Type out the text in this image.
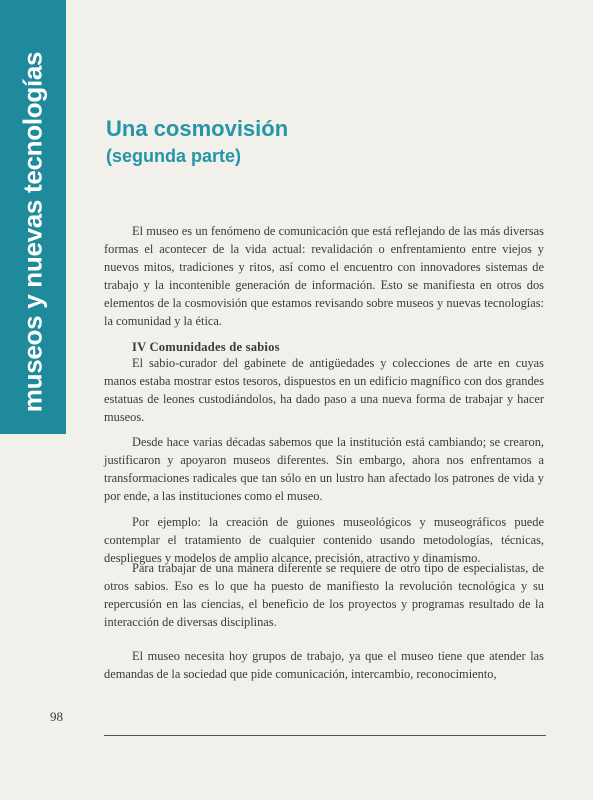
museos y nuevas tecnologías	Una cosmovisión
(segunda parte)

El museo es un fenómeno de comunicación que está reflejando de las más diversas formas el acontecer de la vida actual: revalidación o enfrentamiento entre viejos y nuevos mitos, tradiciones y ritos, así como el encuentro con innovadores sistemas de trabajo y la incontenible generación de información. Esto se manifiesta en otros dos elementos de la cosmovisión que estamos revisando sobre museos y nuevas tecnologías: la comunidad y la ética.

IV Comunidades de sabios

El sabio-curador del gabinete de antigüedades y colecciones de arte en cuyas manos estaba mostrar estos tesoros, dispuestos en un edificio magnífico con dos grandes estatuas de leones custodiándolos, ha dado paso a una nueva forma de trabajar y hacer museos.

Desde hace varias décadas sabemos que la institución está cambiando; se crearon, justificaron y apoyaron museos diferentes. Sin embargo, ahora nos enfrentamos a transformaciones radicales que tan sólo en un lustro han afectado los patrones de vida y por ende, a las instituciones como el museo.

Por ejemplo: la creación de guiones museológicos y museográficos puede contemplar el tratamiento de cualquier contenido usando metodologías, técnicas, despliegues y modelos de amplio alcance, precisión, atractivo y dinamismo.

Para trabajar de una manera diferente se requiere de otro tipo de especialistas, de otros sabios. Eso es lo que ha puesto de manifiesto la revolución tecnológica y su repercusión en las ciencias, el beneficio de los proyectos y programas resultado de la interacción de diversas disciplinas.

El museo necesita hoy grupos de trabajo, ya que el museo tiene que atender las demandas de la sociedad que pide comunicación, intercambio, reconocimiento,

98
